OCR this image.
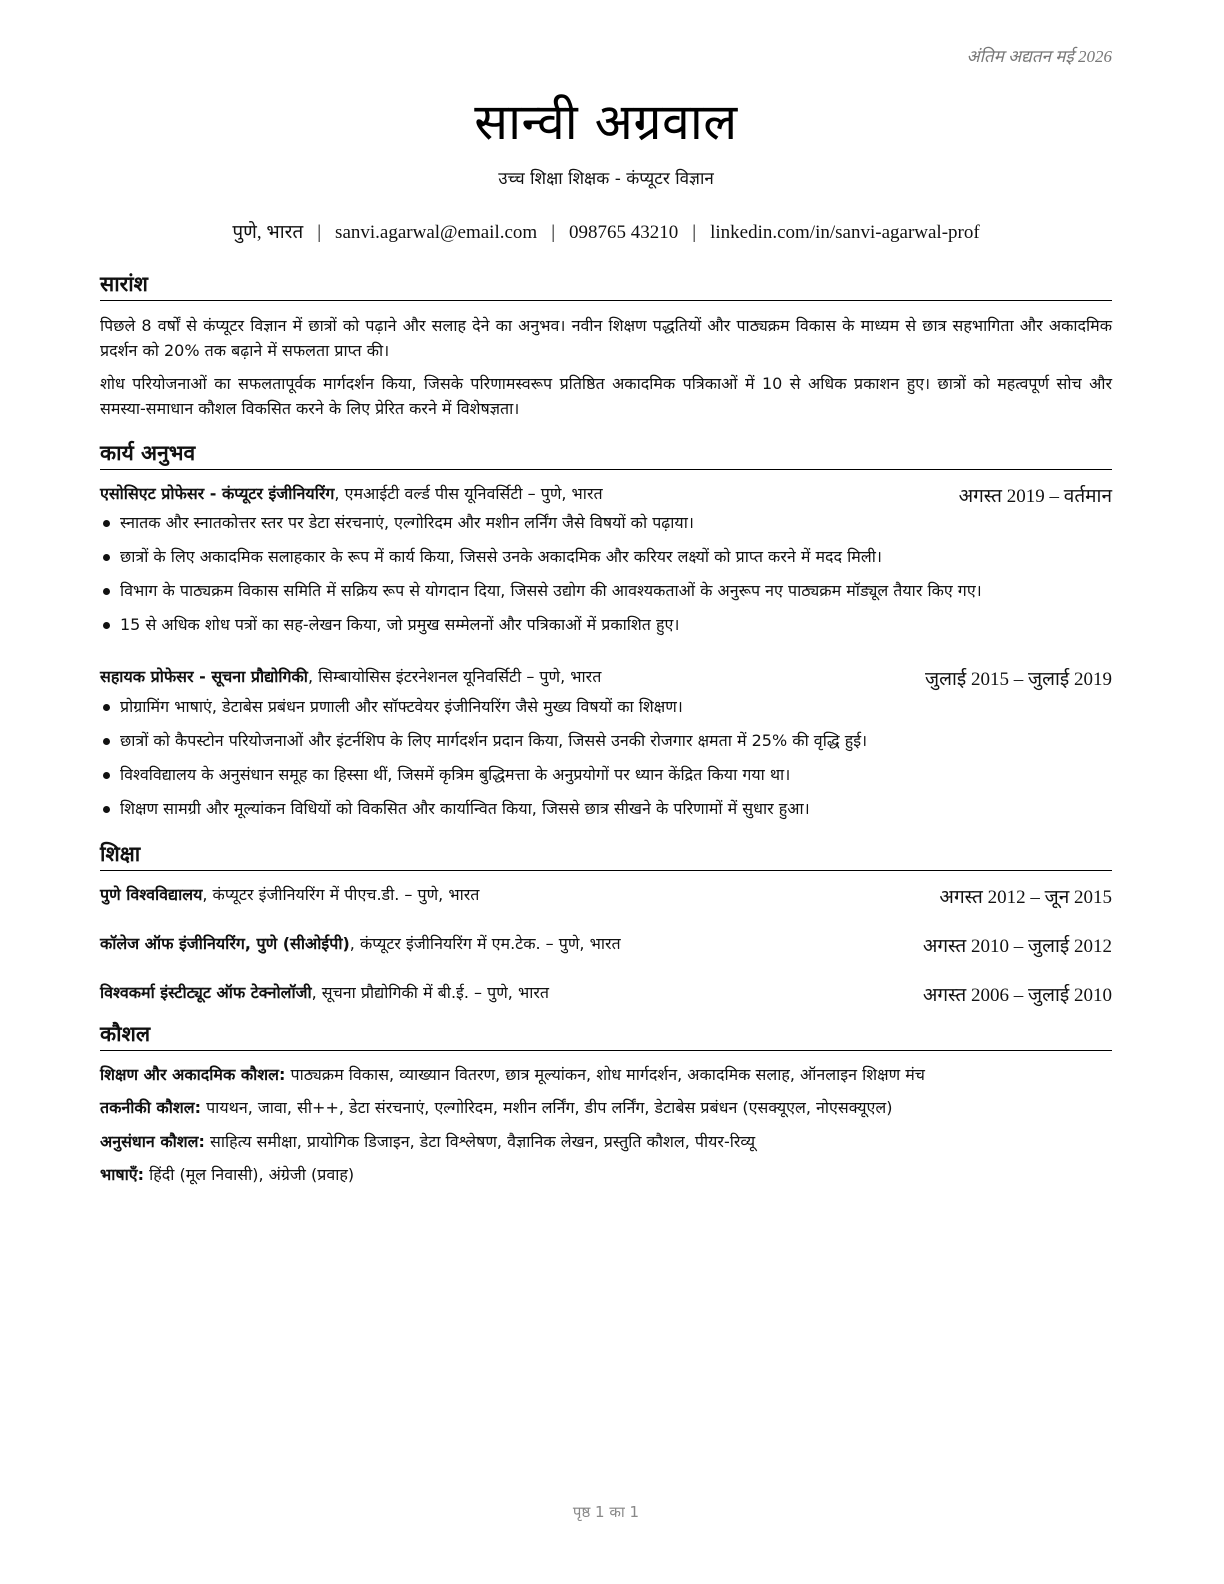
अंतिम अद्यतन मई 2026
सान्वी अग्रवाल
उच्च शिक्षा शिक्षक - कंप्यूटर विज्ञान
पुणे, भारत | sanvi.agarwal@email.com | 098765 43210 | linkedin.com/in/sanvi-agarwal-prof
सारांश
पिछले 8 वर्षों से कंप्यूटर विज्ञान में छात्रों को पढ़ाने और सलाह देने का अनुभव। नवीन शिक्षण पद्धतियों और पाठ्यक्रम विकास के माध्यम से छात्र सहभागिता और अकादमिक प्रदर्शन को 20% तक बढ़ाने में सफलता प्राप्त की।
शोध परियोजनाओं का सफलतापूर्वक मार्गदर्शन किया, जिसके परिणामस्वरूप प्रतिष्ठित अकादमिक पत्रिकाओं में 10 से अधिक प्रकाशन हुए। छात्रों को महत्वपूर्ण सोच और समस्या-समाधान कौशल विकसित करने के लिए प्रेरित करने में विशेषज्ञता।
कार्य अनुभव
एसोसिएट प्रोफेसर - कंप्यूटर इंजीनियरिंग, एमआईटी वर्ल्ड पीस यूनिवर्सिटी – पुणे, भारत	अगस्त 2019 – वर्तमान
स्नातक और स्नातकोत्तर स्तर पर डेटा संरचनाएं, एल्गोरिदम और मशीन लर्निंग जैसे विषयों को पढ़ाया।
छात्रों के लिए अकादमिक सलाहकार के रूप में कार्य किया, जिससे उनके अकादमिक और करियर लक्ष्यों को प्राप्त करने में मदद मिली।
विभाग के पाठ्यक्रम विकास समिति में सक्रिय रूप से योगदान दिया, जिससे उद्योग की आवश्यकताओं के अनुरूप नए पाठ्यक्रम मॉड्यूल तैयार किए गए।
15 से अधिक शोध पत्रों का सह-लेखन किया, जो प्रमुख सम्मेलनों और पत्रिकाओं में प्रकाशित हुए।
सहायक प्रोफेसर - सूचना प्रौद्योगिकी, सिम्बायोसिस इंटरनेशनल यूनिवर्सिटी – पुणे, भारत	जुलाई 2015 – जुलाई 2019
प्रोग्रामिंग भाषाएं, डेटाबेस प्रबंधन प्रणाली और सॉफ्टवेयर इंजीनियरिंग जैसे मुख्य विषयों का शिक्षण।
छात्रों को कैपस्टोन परियोजनाओं और इंटर्नशिप के लिए मार्गदर्शन प्रदान किया, जिससे उनकी रोजगार क्षमता में 25% की वृद्धि हुई।
विश्वविद्यालय के अनुसंधान समूह का हिस्सा थीं, जिसमें कृत्रिम बुद्धिमत्ता के अनुप्रयोगों पर ध्यान केंद्रित किया गया था।
शिक्षण सामग्री और मूल्यांकन विधियों को विकसित और कार्यान्वित किया, जिससे छात्र सीखने के परिणामों में सुधार हुआ।
शिक्षा
पुणे विश्वविद्यालय, कंप्यूटर इंजीनियरिंग में पीएच.डी. – पुणे, भारत	अगस्त 2012 – जून 2015
कॉलेज ऑफ इंजीनियरिंग, पुणे (सीओईपी), कंप्यूटर इंजीनियरिंग में एम.टेक. – पुणे, भारत	अगस्त 2010 – जुलाई 2012
विश्वकर्मा इंस्टीट्यूट ऑफ टेक्नोलॉजी, सूचना प्रौद्योगिकी में बी.ई. – पुणे, भारत	अगस्त 2006 – जुलाई 2010
कौशल
शिक्षण और अकादमिक कौशल: पाठ्यक्रम विकास, व्याख्यान वितरण, छात्र मूल्यांकन, शोध मार्गदर्शन, अकादमिक सलाह, ऑनलाइन शिक्षण मंच
तकनीकी कौशल: पायथन, जावा, सी++, डेटा संरचनाएं, एल्गोरिदम, मशीन लर्निंग, डीप लर्निंग, डेटाबेस प्रबंधन (एसक्यूएल, नोएसक्यूएल)
अनुसंधान कौशल: साहित्य समीक्षा, प्रायोगिक डिजाइन, डेटा विश्लेषण, वैज्ञानिक लेखन, प्रस्तुति कौशल, पीयर-रिव्यू
भाषाएँ: हिंदी (मूल निवासी), अंग्रेजी (प्रवाह)
पृष्ठ 1 का 1
